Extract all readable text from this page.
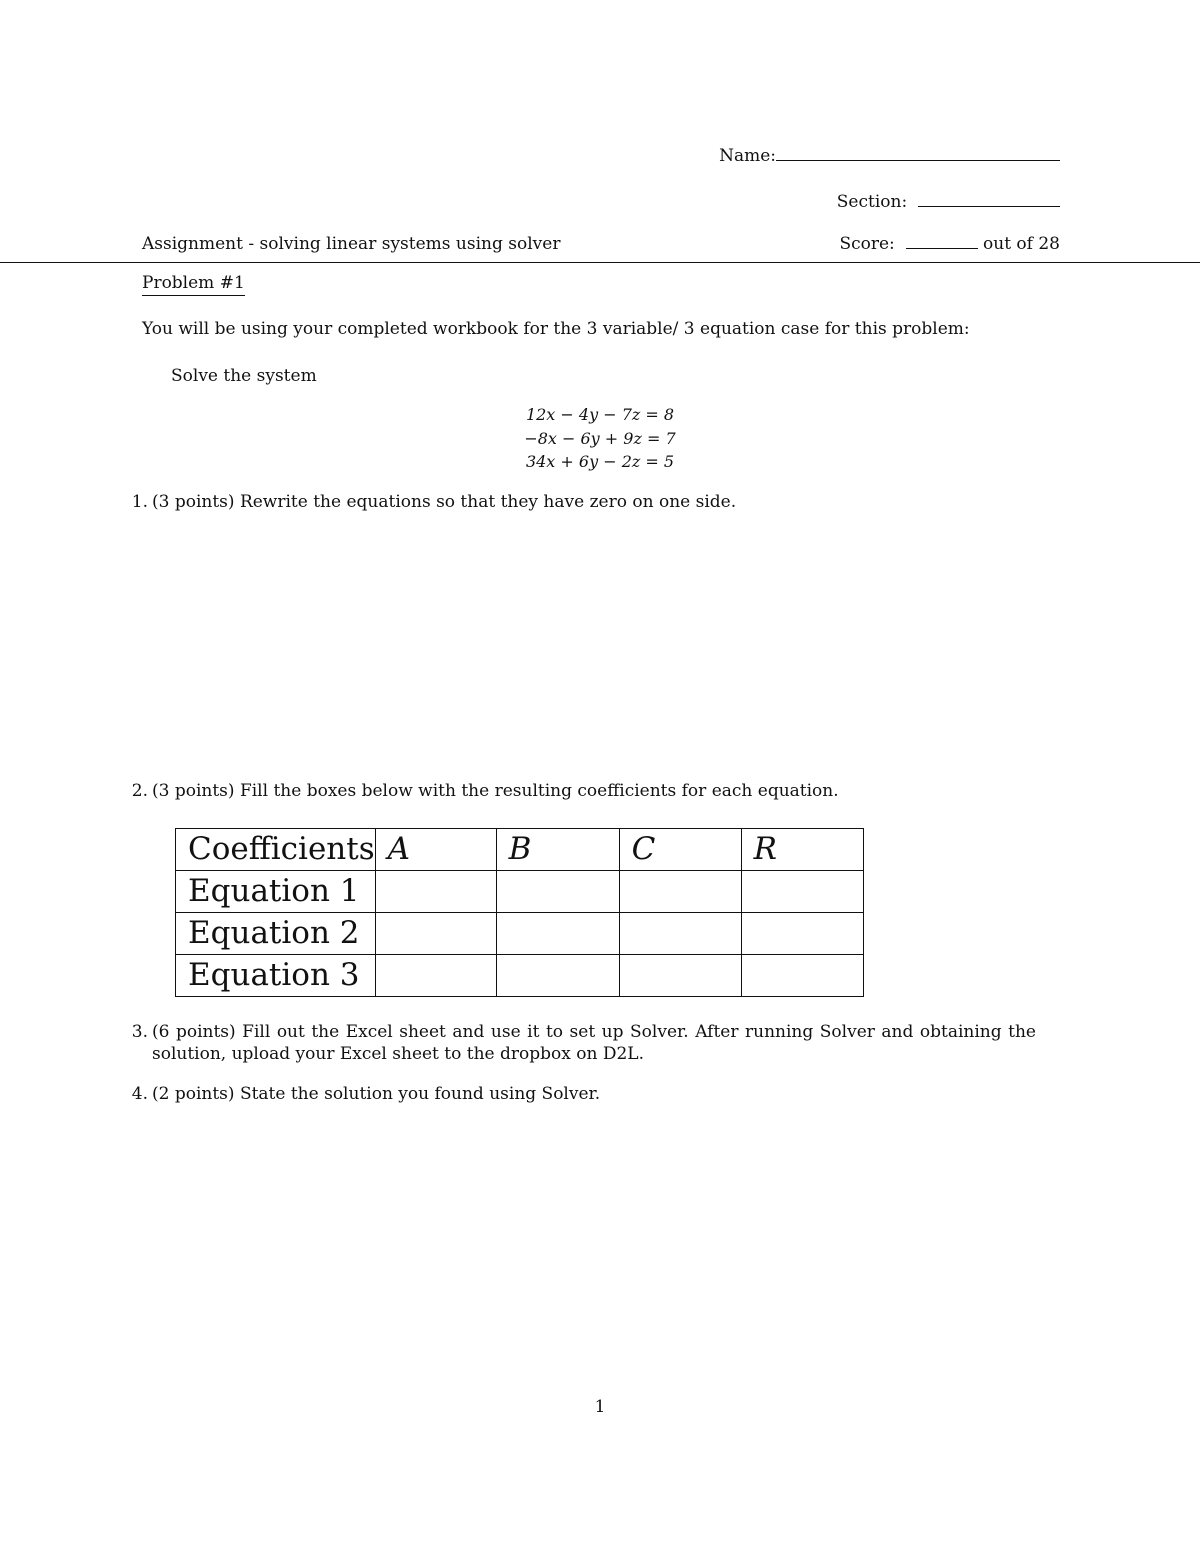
Name:
Section:
Assignment - solving linear systems using solver	Score:	out of 28
Problem #1
You will be using your completed workbook for the 3 variable/ 3 equation case for this problem:
Solve the system
12x − 4y − 7z = 8
−8x − 6y + 9z = 7
34x + 6y − 2z = 5
1. (3 points) Rewrite the equations so that they have zero on one side.
2. (3 points) Fill the boxes below with the resulting coefficients for each equation.
Coefficients	A	B	C	R
Equation 1				
Equation 2				
Equation 3				
3. (6 points) Fill out the Excel sheet and use it to set up Solver. After running Solver and obtaining the solution, upload your Excel sheet to the dropbox on D2L.
4. (2 points) State the solution you found using Solver.
1
